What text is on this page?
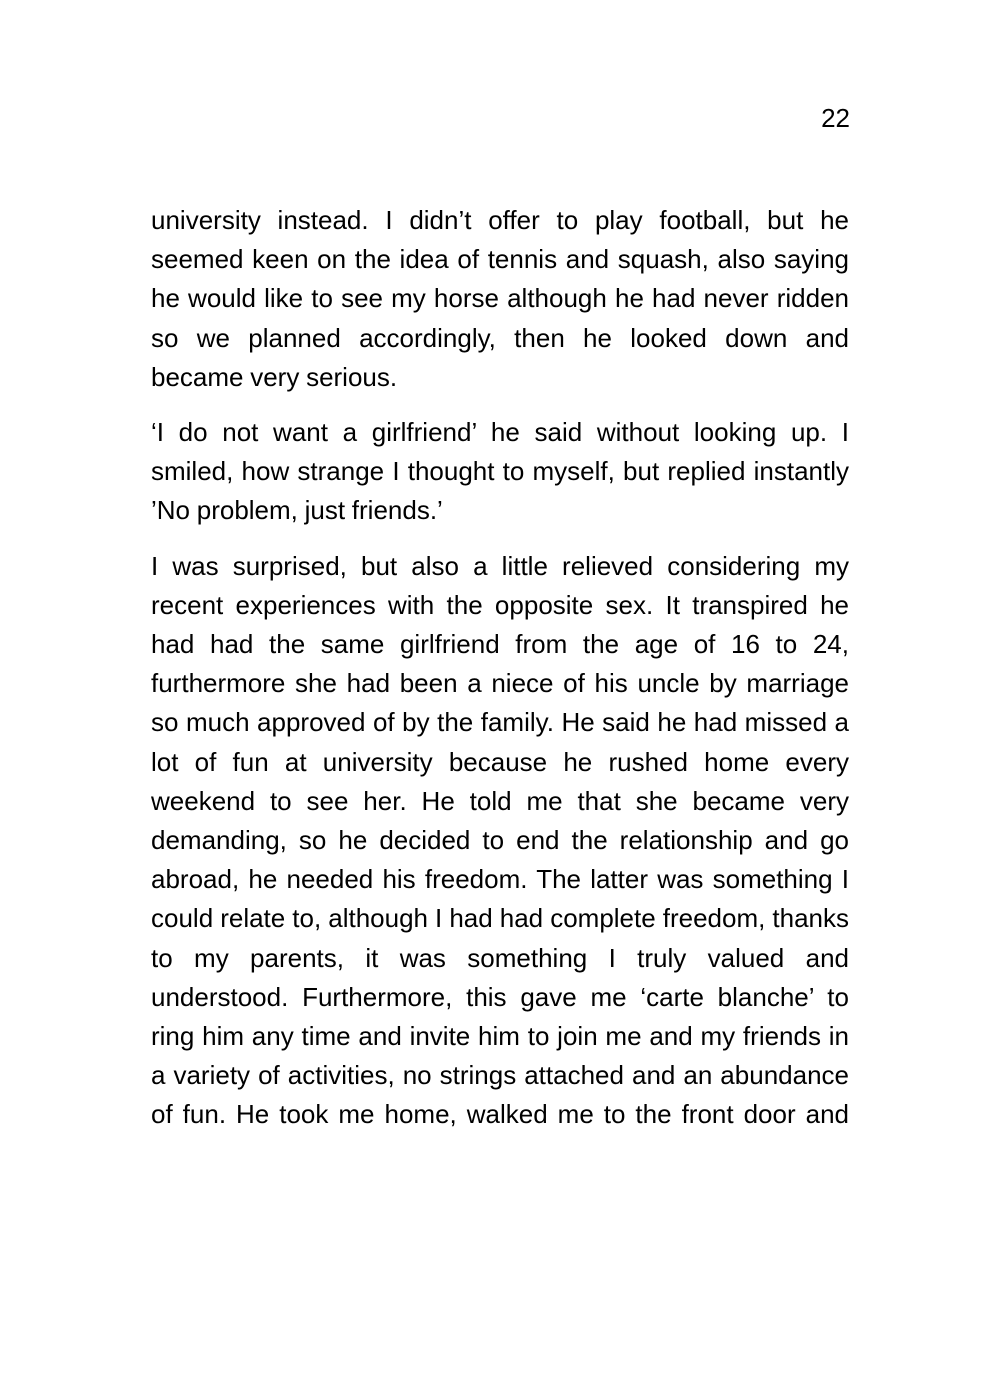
22

university instead. I didn’t offer to play football, but he seemed keen on the idea of tennis and squash, also saying he would like to see my horse although he had never ridden so we planned accordingly, then he looked down and became very serious.

‘I do not want a girlfriend’ he said without looking up. I smiled, how strange I thought to myself, but replied instantly ’No problem, just friends.’

I was surprised, but also a little relieved considering my recent experiences with the opposite sex. It transpired he had had the same girlfriend from the age of 16 to 24, furthermore she had been a niece of his uncle by marriage so much approved of by the family. He said he had missed a lot of fun at university because he rushed home every weekend to see her. He told me that she became very demanding, so he decided to end the relationship and go abroad, he needed his freedom. The latter was something I could relate to, although I had had complete freedom, thanks to my parents, it was something I truly valued and understood. Furthermore, this gave me ‘carte blanche’ to ring him any time and invite him to join me and my friends in a variety of activities, no strings attached and an abundance of fun. He took me home, walked me to the front door and
